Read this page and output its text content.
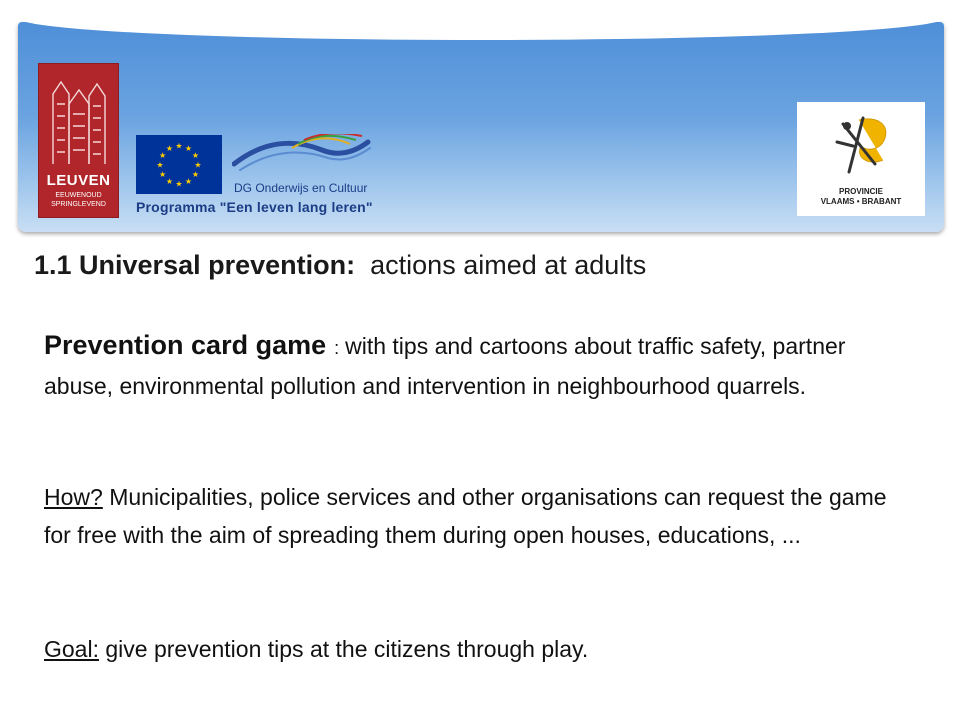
LEUVEN
EEUWENOUD
SPRINGLEVEND
★ ★
★
★
★
★
★
★
★
★
★
★
DG Onderwijs en Cultuur
Programma "Een leven lang leren"
PROVINCIE
VLAAMS • BRABANT
1.1 Universal prevention: actions aimed at adults
Prevention card game : with tips and cartoons about traffic safety, partner abuse, environmental pollution and intervention in neighbourhood quarrels.
How? Municipalities, police services and other organisations can request the game for free with the aim of spreading them during open houses, educations, ...
Goal: give prevention tips at the citizens through play.
